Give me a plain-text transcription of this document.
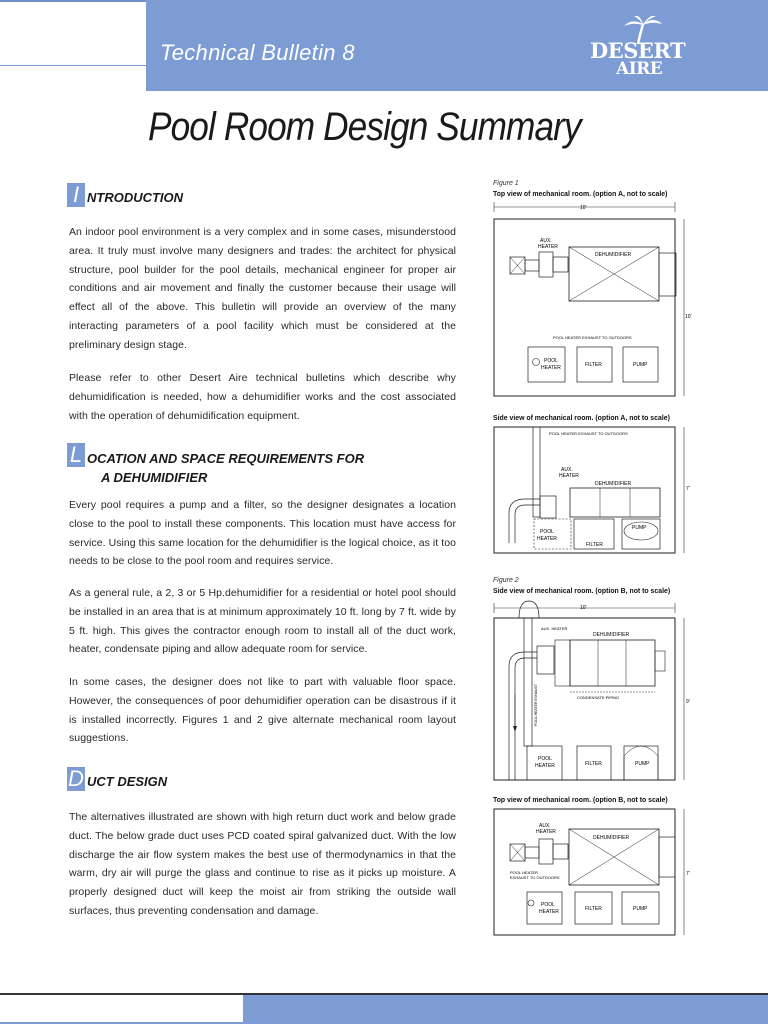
Technical Bulletin 8	DESERT
AIRE
Pool Room Design Summary
I NTRODUCTION

An indoor pool environment is a very complex and in some cases, misunderstood area. It truly must involve many designers and trades: the architect for physical structure, pool builder for the pool details, mechanical engineer for proper air conditions and air movement and finally the customer because their usage will effect all of the above. This bulletin will provide an overview of the many interacting parameters of a pool facility which must be considered at the preliminary design stage.

Please refer to other Desert Aire technical bulletins which describe why dehumidification is needed, how a dehumidifier works and the cost associated with the operation of dehumidification equipment.

L OCATION AND SPACE REQUIREMENTS FOR
A DEHUMIDIFIER

Every pool requires a pump and a filter, so the designer designates a location close to the pool to install these components. This location must have access for service. Using this same location for the dehumidifier is the logical choice, as it too needs to be close to the pool room and requires service.

As a general rule, a 2, 3 or 5 Hp.dehumidifier for a residential or hotel pool should be installed in an area that is at minimum approximately 10 ft. long by 7 ft. wide by 5 ft. high. This gives the contractor enough room to install all of the duct work, heater, condensate piping and allow adequate room for service.

In some cases, the designer does not like to part with valuable floor space. However, the consequences of poor dehumidifier operation can be disastrous if it is installed incorrectly. Figures 1 and 2 give alternate mechanical room layout suggestions.

D UCT DESIGN

The alternatives illustrated are shown with high return duct work and below grade duct. The below grade duct uses PCD coated spiral galvanized duct. With the low discharge the air flow system makes the best use of thermodynamics in that the warm, dry air will purge the glass and continue to rise as it picks up moisture. A properly designed duct will keep the moist air from striking the outside wall surfaces, thus preventing condensation and damage.

Figure 1
Top view of mechanical room. (option A, not to scale)
10'
10'
AUX.
HEATER
DEHUMIDIFIER
POOL HEATER EXHAUST TO OUTDOORS
POOL
HEATER	FILTER	PUMP
Side view of mechanical room. (option A, not to scale)
7'
POOL HEATER EXHAUST TO OUTDOORS
AUX.
HEATER
DEHUMIDIFIER
POOL
HEATER
FILTER
PUMP
Figure 2
Side view of mechanical room. (option B, not to scale)
10'
9'
POOL HEATER EXHAUST
AUX. HEATER
DEHUMIDIFIER
CONDENSATE PIPING
POOL
HEATER	FILTER	PUMP
Top view of mechanical room. (option B, not to scale)
7'
AUX.
HEATER
DEHUMIDIFIER
POOL HEATER
EXHAUST TO OUTDOORS
POOL
HEATER	FILTER	PUMP
